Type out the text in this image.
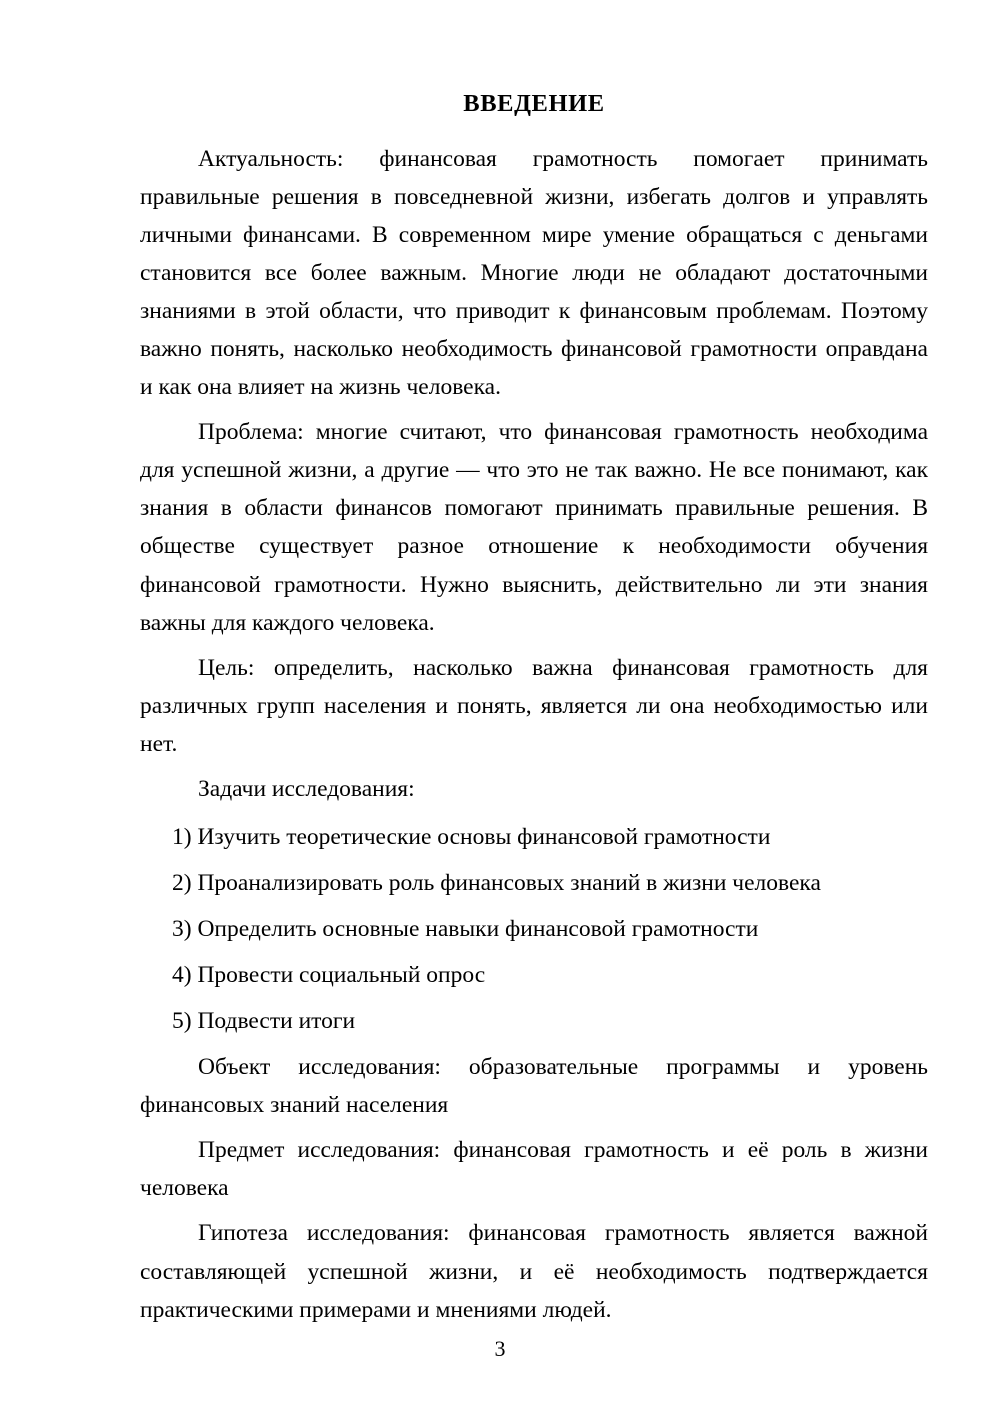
ВВЕДЕНИЕ

Актуальность: финансовая грамотность помогает принимать правильные решения в повседневной жизни, избегать долгов и управлять личными финансами. В современном мире умение обращаться с деньгами становится все более важным. Многие люди не обладают достаточными знаниями в этой области, что приводит к финансовым проблемам. Поэтому важно понять, насколько необходимость финансовой грамотности оправдана и как она влияет на жизнь человека.

Проблема: многие считают, что финансовая грамотность необходима для успешной жизни, а другие — что это не так важно. Не все понимают, как знания в области финансов помогают принимать правильные решения. В обществе существует разное отношение к необходимости обучения финансовой грамотности. Нужно выяснить, действительно ли эти знания важны для каждого человека.

Цель: определить, насколько важна финансовая грамотность для различных групп населения и понять, является ли она необходимостью или нет.

Задачи исследования:

1) Изучить теоретические основы финансовой грамотности

2) Проанализировать роль финансовых знаний в жизни человека

3) Определить основные навыки финансовой грамотности

4) Провести социальный опрос

5) Подвести итоги

Объект исследования: образовательные программы и уровень финансовых знаний населения

Предмет исследования: финансовая грамотность и её роль в жизни человека

Гипотеза исследования: финансовая грамотность является важной составляющей успешной жизни, и её необходимость подтверждается практическими примерами и мнениями людей.

3
